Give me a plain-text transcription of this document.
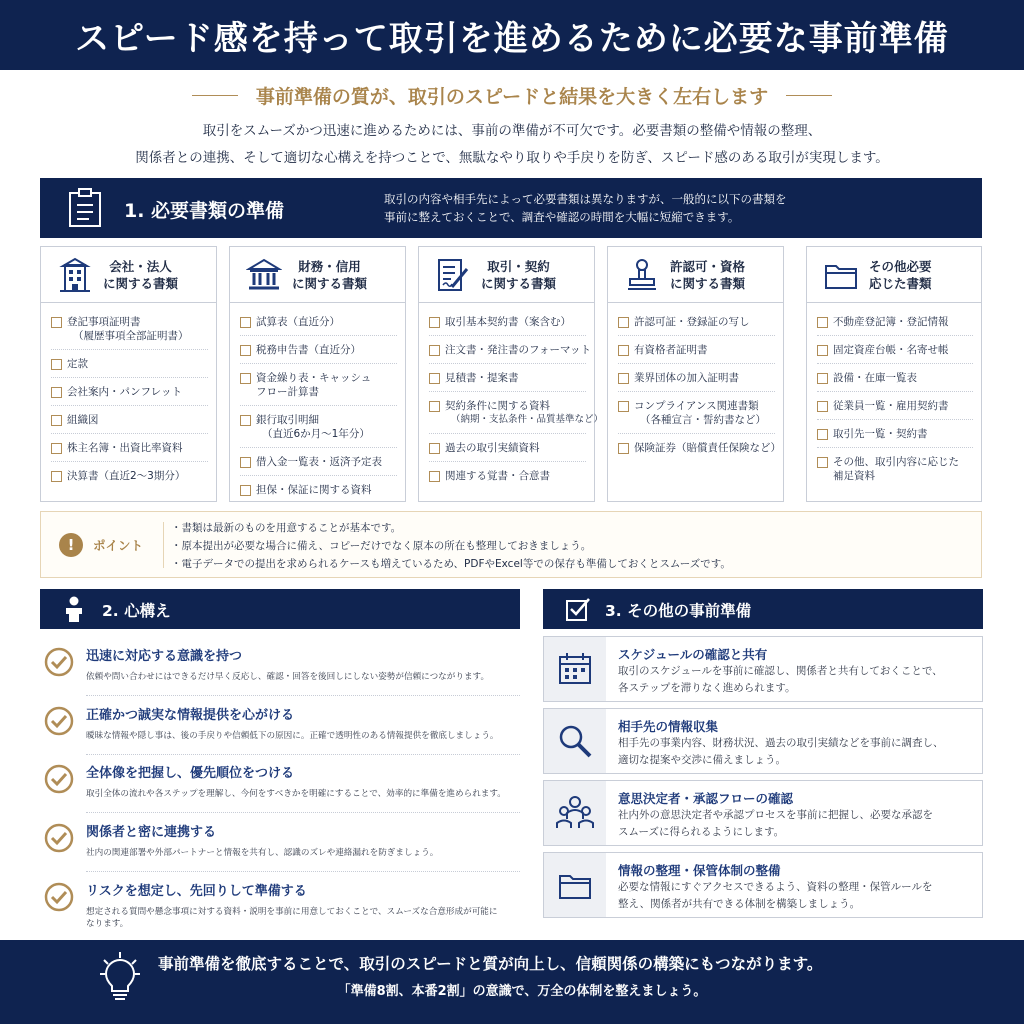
スピード感を持って取引を進めるために必要な事前準備
事前準備の質が、取引のスピードと結果を大きく左右します
取引をスムーズかつ迅速に進めるためには、事前の準備が不可欠です。必要書類の整備や情報の整理、
関係者との連携、そして適切な心構えを持つことで、無駄なやり取りや手戻りを防ぎ、スピード感のある取引が実現します。
1. 必要書類の準備
取引の内容や相手先によって必要書類は異なりますが、一般的に以下の書類を
事前に整えておくことで、調査や確認の時間を大幅に短縮できます。
会社・法人
に関する書類
登記事項証明書
（履歴事項全部証明書）
定款
会社案内・パンフレット
組織図
株主名簿・出資比率資料
決算書（直近2〜3期分）
財務・信用
に関する書類
試算表（直近分）
税務申告書（直近分）
資金繰り表・キャッシュ
フロー計算書
銀行取引明細
（直近6か月〜1年分）
借入金一覧表・返済予定表
担保・保証に関する資料
取引・契約
に関する書類
取引基本契約書（案含む）
注文書・発注書のフォーマット
見積書・提案書
契約条件に関する資料
（納期・支払条件・品質基準など）
過去の取引実績資料
関連する覚書・合意書
許認可・資格
に関する書類
許認可証・登録証の写し
有資格者証明書
業界団体の加入証明書
コンプライアンス関連書類
（各種宣言・誓約書など）
保険証券（賠償責任保険など）
その他必要
応じた書類
不動産登記簿・登記情報
固定資産台帳・名寄せ帳
設備・在庫一覧表
従業員一覧・雇用契約書
取引先一覧・契約書
その他、取引内容に応じた
補足資料
!	ポイント
・書類は最新のものを用意することが基本です。
・原本提出が必要な場合に備え、コピーだけでなく原本の所在も整理しておきましょう。
・電子データでの提出を求められるケースも増えているため、PDFやExcel等での保存も準備しておくとスムーズです。
2. 心構え
迅速に対応する意識を持つ
依頼や問い合わせにはできるだけ早く反応し、確認・回答を後回しにしない姿勢が信頼につながります。
正確かつ誠実な情報提供を心がける
曖昧な情報や隠し事は、後の手戻りや信頼低下の原因に。正確で透明性のある情報提供を徹底しましょう。
全体像を把握し、優先順位をつける
取引全体の流れや各ステップを理解し、今何をすべきかを明確にすることで、効率的に準備を進められます。
関係者と密に連携する
社内の関連部署や外部パートナーと情報を共有し、認識のズレや連絡漏れを防ぎましょう。
リスクを想定し、先回りして準備する
想定される質問や懸念事項に対する資料・説明を事前に用意しておくことで、スムーズな合意形成が可能に
なります。
3. その他の事前準備
スケジュールの確認と共有
取引のスケジュールを事前に確認し、関係者と共有しておくことで、
各ステップを滞りなく進められます。
相手先の情報収集
相手先の事業内容、財務状況、過去の取引実績などを事前に調査し、
適切な提案や交渉に備えましょう。
意思決定者・承認フローの確認
社内外の意思決定者や承認プロセスを事前に把握し、必要な承認を
スムーズに得られるようにします。
情報の整理・保管体制の整備
必要な情報にすぐアクセスできるよう、資料の整理・保管ルールを
整え、関係者が共有できる体制を構築しましょう。
事前準備を徹底することで、取引のスピードと質が向上し、信頼関係の構築にもつながります。
「準備8割、本番2割」の意識で、万全の体制を整えましょう。
